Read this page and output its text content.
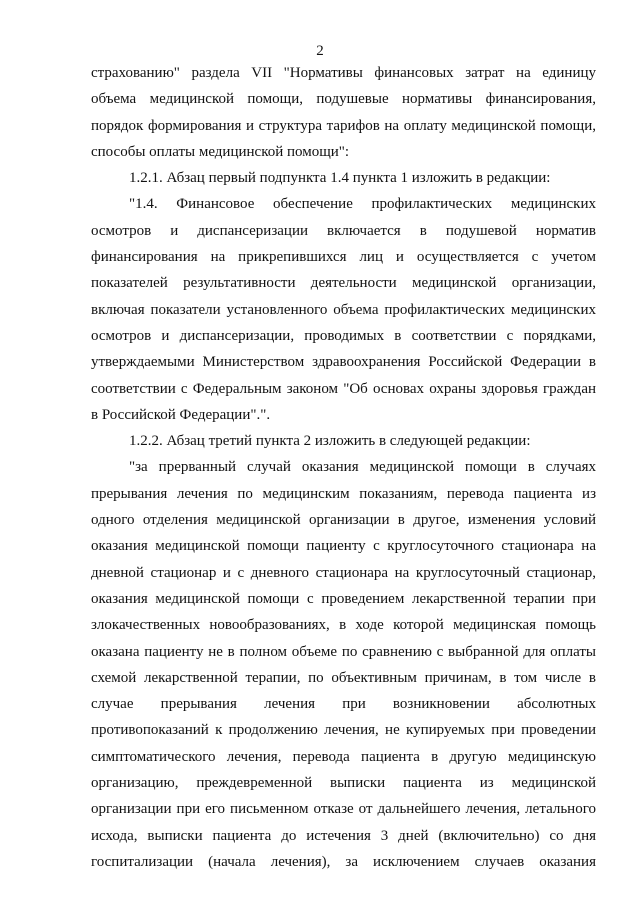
2
страхованию" раздела VII "Нормативы финансовых затрат на единицу
объема медицинской помощи, подушевые нормативы финансирования,
порядок формирования и структура тарифов на оплату медицинской помощи,
способы оплаты медицинской помощи":
1.2.1. Абзац первый подпункта 1.4 пункта 1 изложить в редакции:
"1.4. Финансовое обеспечение профилактических медицинских
осмотров и диспансеризации включается в подушевой норматив
финансирования на прикрепившихся лиц и осуществляется с учетом
показателей результативности деятельности медицинской организации,
включая показатели установленного объема профилактических медицинских
осмотров и диспансеризации, проводимых в соответствии с порядками,
утверждаемыми Министерством здравоохранения Российской Федерации в
соответствии с Федеральным законом "Об основах охраны здоровья граждан
в Российской Федерации".".
1.2.2. Абзац третий пункта 2 изложить в следующей редакции:
"за прерванный случай оказания медицинской помощи в случаях
прерывания лечения по медицинским показаниям, перевода пациента из
одного отделения медицинской организации в другое, изменения условий
оказания медицинской помощи пациенту с круглосуточного стационара на
дневной стационар и с дневного стационара на круглосуточный стационар,
оказания медицинской помощи с проведением лекарственной терапии при
злокачественных новообразованиях, в ходе которой медицинская помощь
оказана пациенту не в полном объеме по сравнению с выбранной для оплаты
схемой лекарственной терапии, по объективным причинам, в том числе в
случае прерывания лечения при возникновении абсолютных
противопоказаний к продолжению лечения, не купируемых при проведении
симптоматического лечения, перевода пациента в другую медицинскую
организацию, преждевременной выписки пациента из медицинской
организации при его письменном отказе от дальнейшего лечения, летального
исхода, выписки пациента до истечения 3 дней (включительно) со дня
госпитализации (начала лечения), за исключением случаев оказания
